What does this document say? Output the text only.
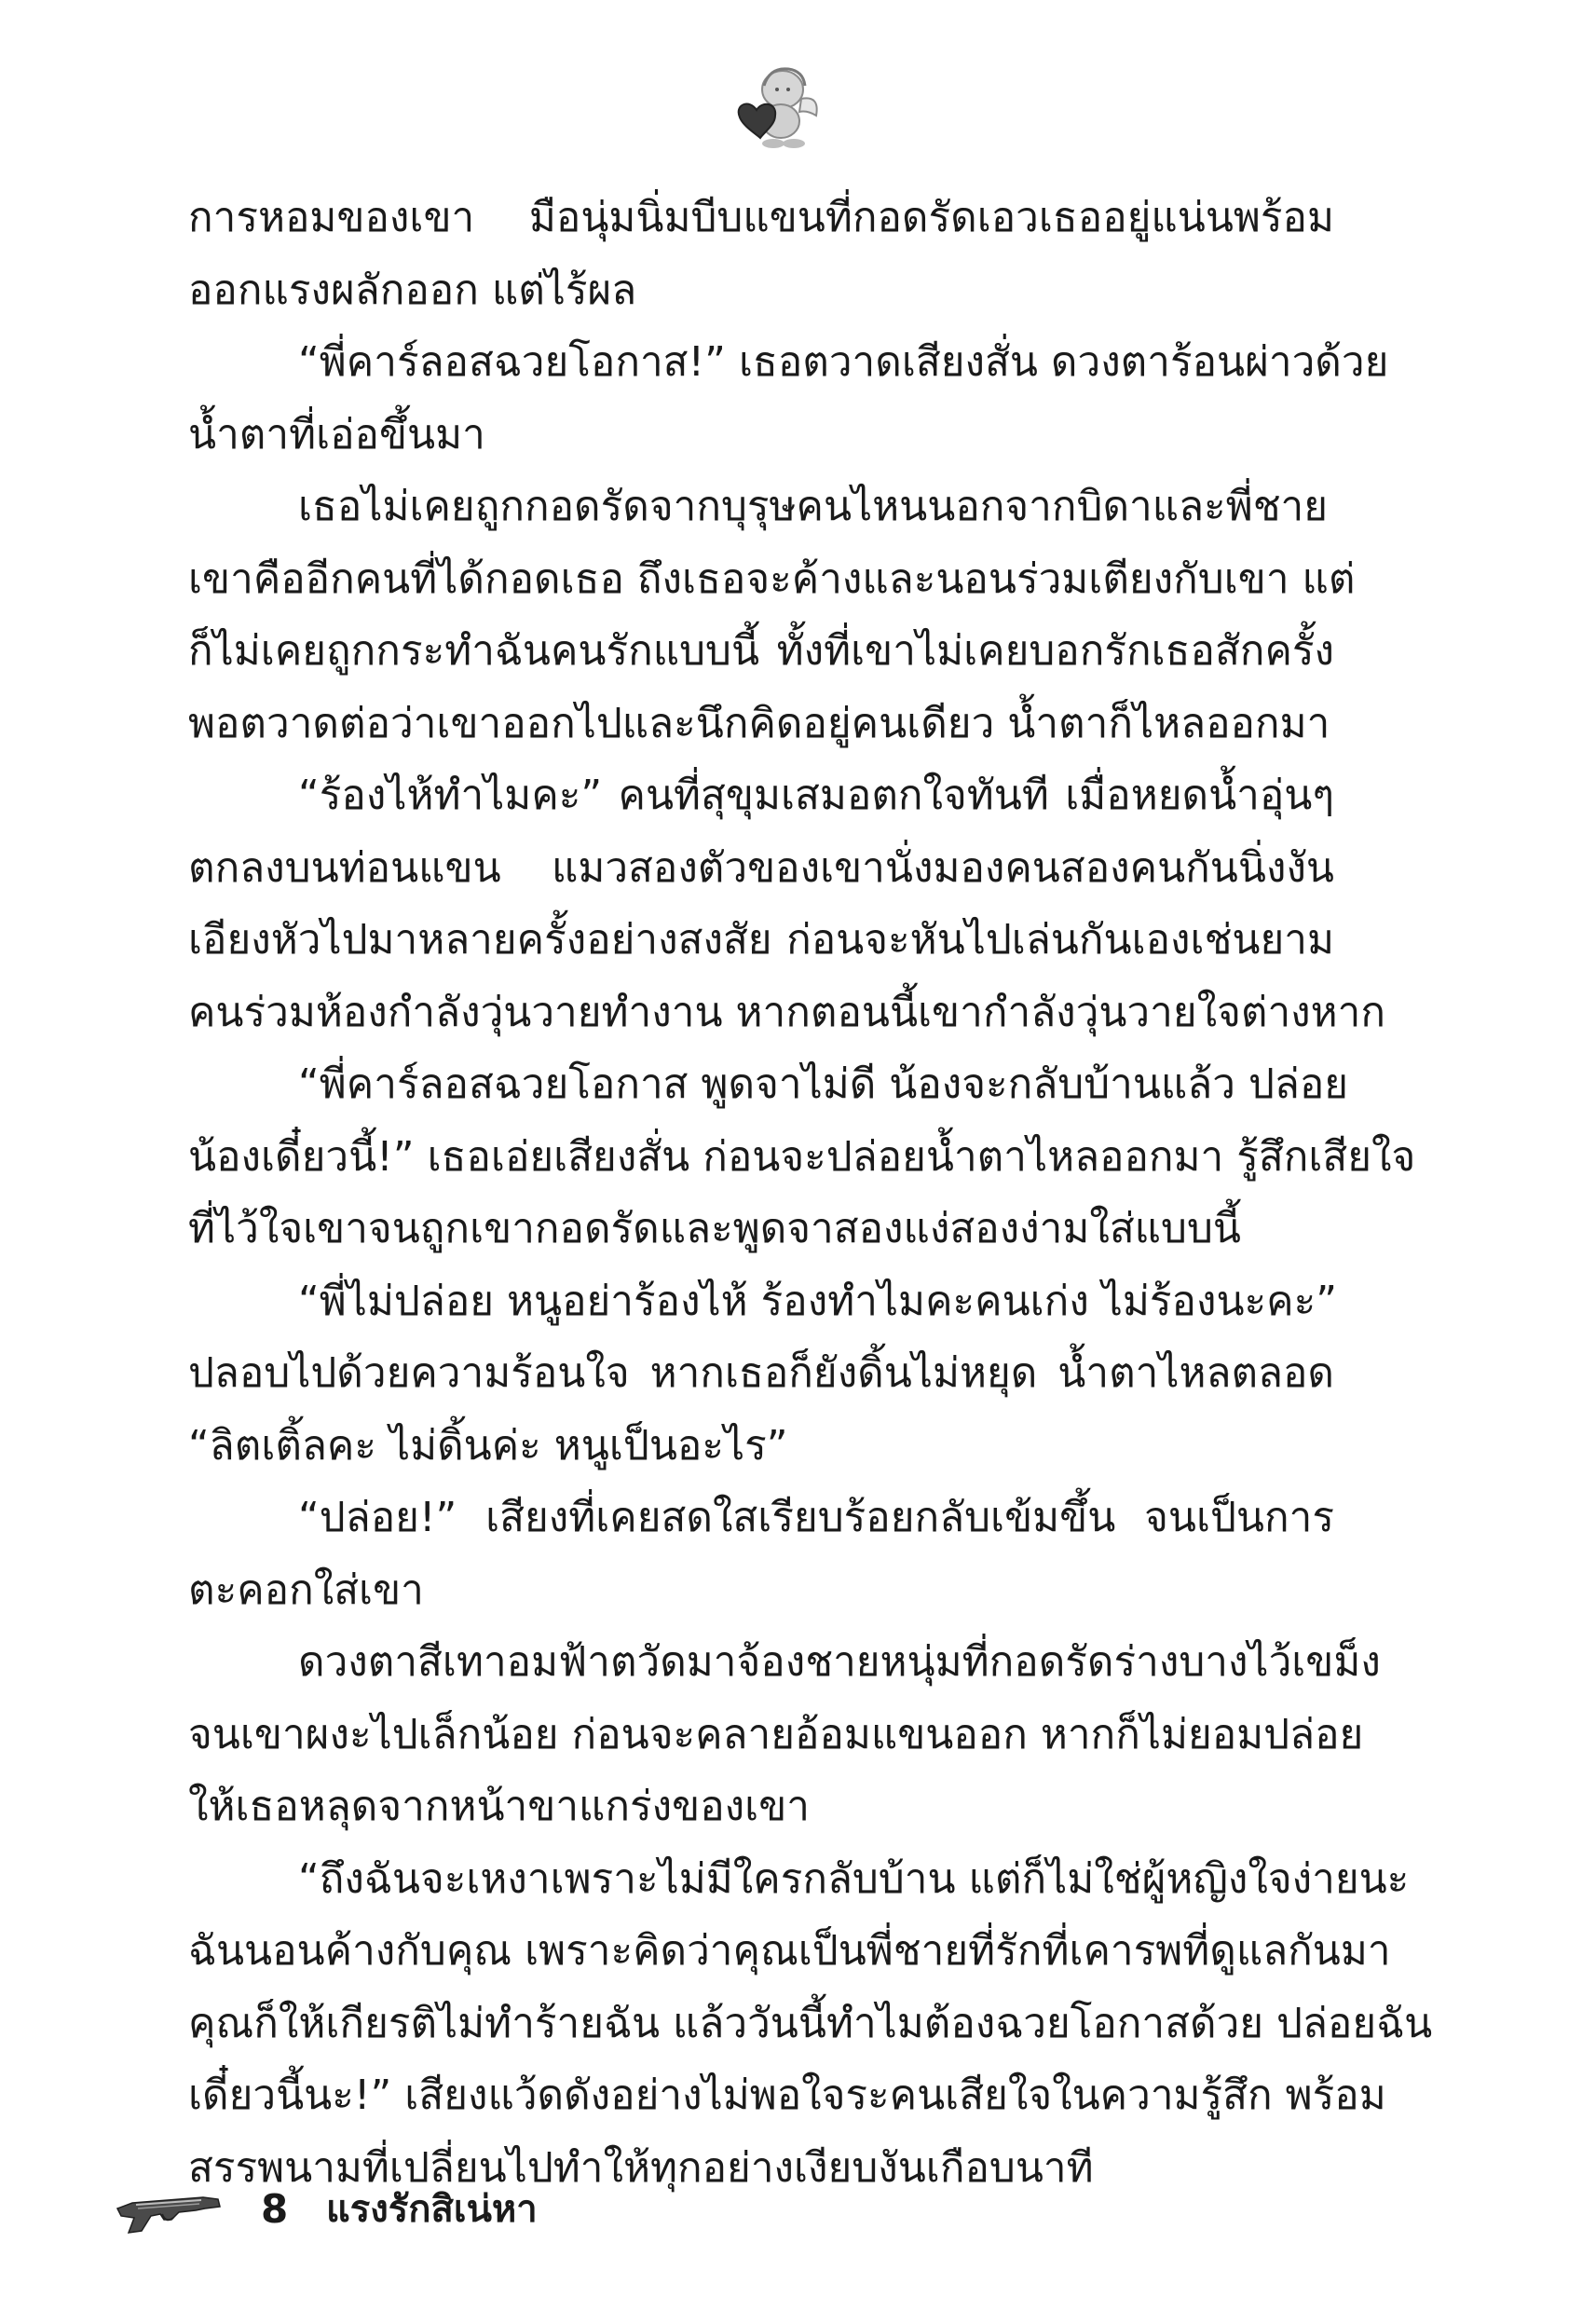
การหอมของเขา มือนุ่มนิ่มบีบแขนที่กอดรัดเอวเธออยู่แน่นพร้อม
ออกแรงผลักออก แต่ไร้ผล
“พี่คาร์ลอสฉวยโอกาส!” เธอตวาดเสียงสั่น ดวงตาร้อนผ่าวด้วย
น้ำตาที่เอ่อขึ้นมา
เธอไม่เคยถูกกอดรัดจากบุรุษคนไหนนอกจากบิดาและพี่ชาย
เขาคืออีกคนที่ได้กอดเธอ ถึงเธอจะค้างและนอนร่วมเตียงกับเขา แต่
ก็ไม่เคยถูกกระทำฉันคนรักแบบนี้ ทั้งที่เขาไม่เคยบอกรักเธอสักครั้ง
พอตวาดต่อว่าเขาออกไปและนึกคิดอยู่คนเดียว น้ำตาก็ไหลออกมา
“ร้องไห้ทำไมคะ” คนที่สุขุมเสมอตกใจทันที เมื่อหยดน้ำอุ่นๆ
ตกลงบนท่อนแขน แมวสองตัวของเขานั่งมองคนสองคนกันนิ่งงัน
เอียงหัวไปมาหลายครั้งอย่างสงสัย ก่อนจะหันไปเล่นกันเองเช่นยาม
คนร่วมห้องกำลังวุ่นวายทำงาน หากตอนนี้เขากำลังวุ่นวายใจต่างหาก
“พี่คาร์ลอสฉวยโอกาส พูดจาไม่ดี น้องจะกลับบ้านแล้ว ปล่อย
น้องเดี๋ยวนี้!” เธอเอ่ยเสียงสั่น ก่อนจะปล่อยน้ำตาไหลออกมา รู้สึกเสียใจ
ที่ไว้ใจเขาจนถูกเขากอดรัดและพูดจาสองแง่สองง่ามใส่แบบนี้
“พี่ไม่ปล่อย หนูอย่าร้องไห้ ร้องทำไมคะคนเก่ง ไม่ร้องนะคะ”
ปลอบไปด้วยความร้อนใจ หากเธอก็ยังดิ้นไม่หยุด น้ำตาไหลตลอด
“ลิตเติ้ลคะ ไม่ดิ้นค่ะ หนูเป็นอะไร”
“ปล่อย!” เสียงที่เคยสดใสเรียบร้อยกลับเข้มขึ้น จนเป็นการ
ตะคอกใส่เขา
ดวงตาสีเทาอมฟ้าตวัดมาจ้องชายหนุ่มที่กอดรัดร่างบางไว้เขม็ง
จนเขาผงะไปเล็กน้อย ก่อนจะคลายอ้อมแขนออก หากก็ไม่ยอมปล่อย
ให้เธอหลุดจากหน้าขาแกร่งของเขา
“ถึงฉันจะเหงาเพราะไม่มีใครกลับบ้าน แต่ก็ไม่ใช่ผู้หญิงใจง่ายนะ
ฉันนอนค้างกับคุณ เพราะคิดว่าคุณเป็นพี่ชายที่รักที่เคารพที่ดูแลกันมา
คุณก็ให้เกียรติไม่ทำร้ายฉัน แล้ววันนี้ทำไมต้องฉวยโอกาสด้วย ปล่อยฉัน
เดี๋ยวนี้นะ!” เสียงแว้ดดังอย่างไม่พอใจระคนเสียใจในความรู้สึก พร้อม
สรรพนามที่เปลี่ยนไปทำให้ทุกอย่างเงียบงันเกือบนาที
8 แรงรักสิเน่หา
